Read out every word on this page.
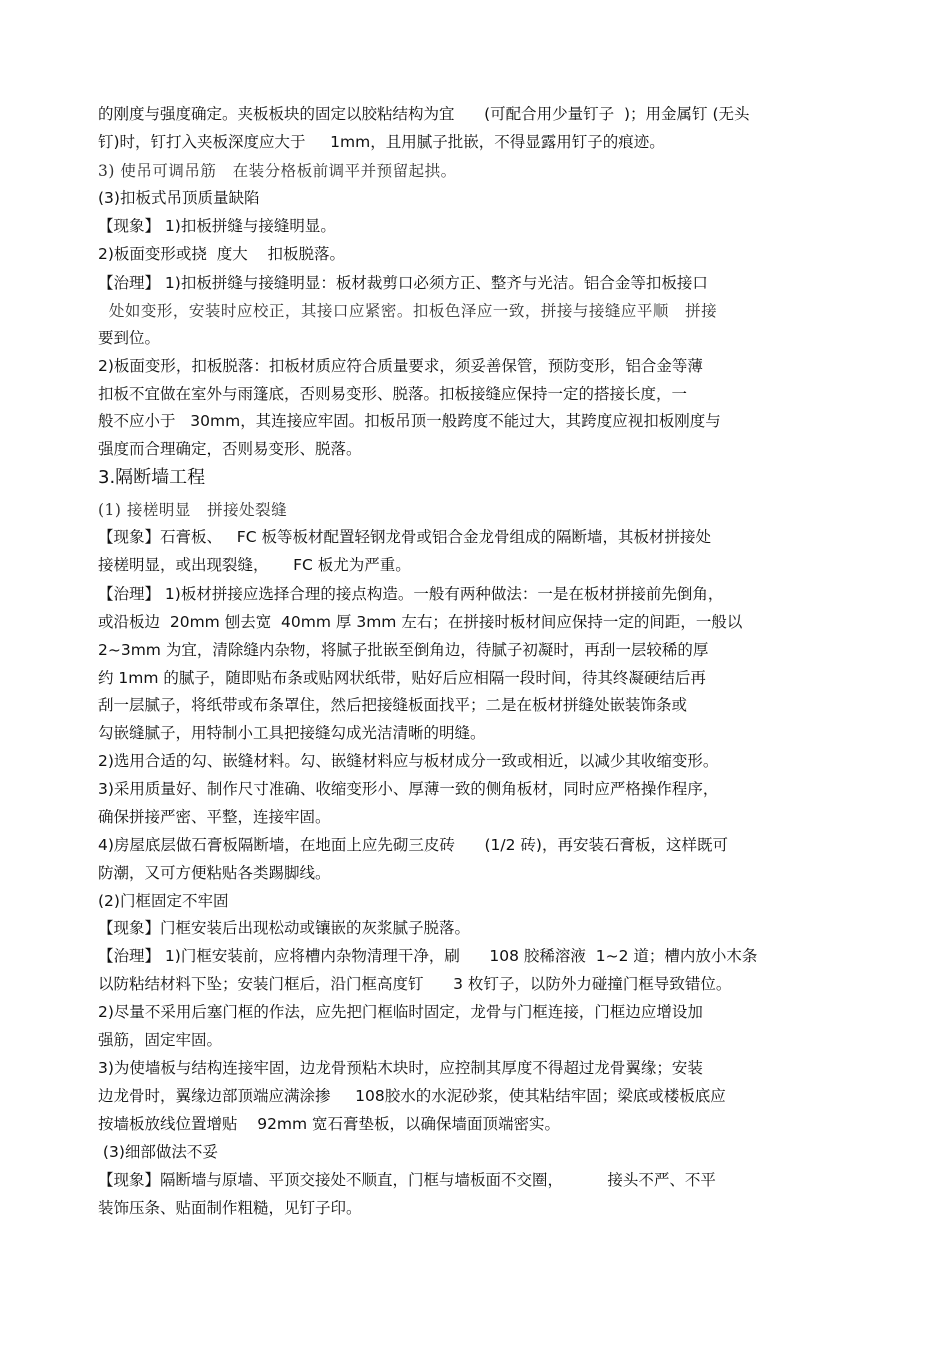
的刚度与强度确定。夹板板块的固定以胶粘结构为宜      (可配合用少量钉子  )；用金属钉 (无头
钉)时，钉打入夹板深度应大于     1mm，且用腻子批嵌，不得显露用钉子的痕迹。
3) 使吊可调吊筋   在装分格板前调平并预留起拱。
(3)扣板式吊顶质量缺陷
【现象】 1)扣板拼缝与接缝明显。
2)板面变形或挠  度大    扣板脱落。
【治理】 1)扣板拼缝与接缝明显：板材裁剪口必须方正、整齐与光洁。铝合金等扣板接口
处如变形，安装时应校正，其接口应紧密。扣板色泽应一致，拼接与接缝应平顺   拼接
要到位。
2)板面变形，扣板脱落：扣板材质应符合质量要求，须妥善保管，预防变形，铝合金等薄
扣板不宜做在室外与雨篷底，否则易变形、脱落。扣板接缝应保持一定的搭接长度，一
般不应小于   30mm，其连接应牢固。扣板吊顶一般跨度不能过大，其跨度应视扣板刚度与
强度而合理确定，否则易变形、脱落。
3.隔断墙工程
(1) 接槎明显   拼接处裂缝
【现象】石膏板、   FC 板等板材配置轻钢龙骨或铝合金龙骨组成的隔断墙，其板材拼接处
接槎明显，或出现裂缝，     FC 板尤为严重。
【治理】 1)板材拼接应选择合理的接点构造。一般有两种做法：一是在板材拼接前先倒角，
或沿板边  20mm 刨去宽  40mm 厚 3mm 左右；在拼接时板材间应保持一定的间距，一般以
2~3mm 为宜，清除缝内杂物，将腻子批嵌至倒角边，待腻子初凝时，再刮一层较稀的厚
约 1mm 的腻子，随即贴布条或贴网状纸带，贴好后应相隔一段时间，待其终凝硬结后再
刮一层腻子，将纸带或布条罩住，然后把接缝板面找平；二是在板材拼缝处嵌装饰条或
勾嵌缝腻子，用特制小工具把接缝勾成光洁清晰的明缝。
2)选用合适的勾、嵌缝材料。勾、嵌缝材料应与板材成分一致或相近，以减少其收缩变形。
3)采用质量好、制作尺寸准确、收缩变形小、厚薄一致的侧角板材，同时应严格操作程序，
确保拼接严密、平整，连接牢固。
4)房屋底层做石膏板隔断墙，在地面上应先砌三皮砖      (1/2 砖)，再安装石膏板，这样既可
防潮，又可方便粘贴各类踢脚线。
(2)门框固定不牢固
【现象】门框安装后出现松动或镶嵌的灰浆腻子脱落。
【治理】 1)门框安装前，应将槽内杂物清理干净，刷      108 胶稀溶液  1~2 道；槽内放小木条
以防粘结材料下坠；安装门框后，沿门框高度钉      3 枚钉子，以防外力碰撞门框导致错位。
2)尽量不采用后塞门框的作法，应先把门框临时固定，龙骨与门框连接，门框边应增设加
强筋，固定牢固。
3)为使墙板与结构连接牢固，边龙骨预粘木块时，应控制其厚度不得超过龙骨翼缘；安装
边龙骨时，翼缘边部顶端应满涂掺     108胶水的水泥砂浆，使其粘结牢固；梁底或楼板底应
按墙板放线位置增贴    92mm 宽石膏垫板，以确保墙面顶端密实。
(3)细部做法不妥
【现象】隔断墙与原墙、平顶交接处不顺直，门框与墙板面不交圈，         接头不严、不平
装饰压条、贴面制作粗糙，见钉子印。
